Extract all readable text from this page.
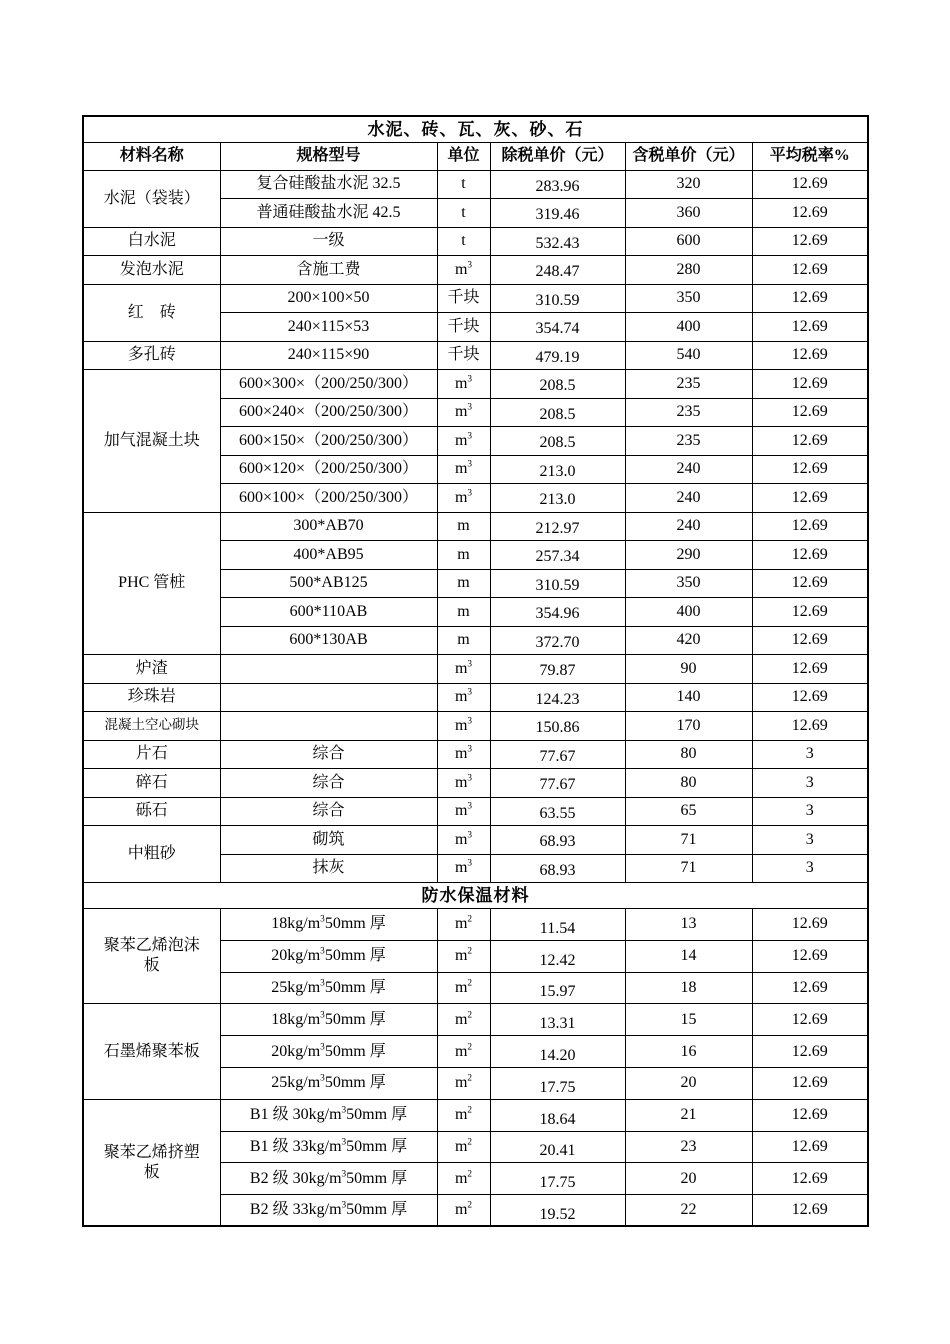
水泥、砖、瓦、灰、砂、石					
材料名称	规格型号	单位	除税单价（元）	含税单价（元）	平均税率%
水泥（袋装）	复合硅酸盐水泥 32.5	t	283.96	320	12.69
	普通硅酸盐水泥 42.5	t	319.46	360	12.69
白水泥	一级	t	532.43	600	12.69
发泡水泥	含施工费	$m^3$	248.47	280	12.69
红　砖	200×100×50	千块	310.59	350	12.69
	240×115×53	千块	354.74	400	12.69
多孔砖	240×115×90	千块	479.19	540	12.69
加气混凝土块	600×300×（200/250/300）	$m^3$	208.5	235	12.69
	600×240×（200/250/300）	$m^3$	208.5	235	12.69
	600×150×（200/250/300）	$m^3$	208.5	235	12.69
	600×120×（200/250/300）	$m^3$	213.0	240	12.69
	600×100×（200/250/300）	$m^3$	213.0	240	12.69
PHC 管桩	300*AB70	m	212.97	240	12.69
	400*AB95	m	257.34	290	12.69
	500*AB125	m	310.59	350	12.69
	600*110AB	m	354.96	400	12.69
	600*130AB	m	372.70	420	12.69
炉渣		$m^3$	79.87	90	12.69
珍珠岩		$m^3$	124.23	140	12.69
混凝土空心砌块		$m^3$	150.86	170	12.69
片石	综合	$m^3$	77.67	80	3
碎石	综合	$m^3$	77.67	80	3
砾石	综合	$m^3$	63.55	65	3
中粗砂	砌筑	$m^3$	68.93	71	3
	抹灰	$m^3$	68.93	71	3
防水保温材料					
聚苯乙烯泡沫板	$18kg/m^350mm$ 厚	$m^2$	11.54	13	12.69
	$20kg/m^350mm$ 厚	$m^2$	12.42	14	12.69
	$25kg/m^350mm$ 厚	$m^2$	15.97	18	12.69
石墨烯聚苯板	$18kg/m^350mm$ 厚	$m^2$	13.31	15	12.69
	$20kg/m^350mm$ 厚	$m^2$	14.20	16	12.69
	$25kg/m^350mm$ 厚	$m^2$	17.75	20	12.69
聚苯乙烯挤塑板	B1 级 $30kg/m^350mm$ 厚	$m^2$	18.64	21	12.69
	B1 级 $33kg/m^350mm$ 厚	$m^2$	20.41	23	12.69
	B2 级 $30kg/m^350mm$ 厚	$m^2$	17.75	20	12.69
	B2 级 $33kg/m^350mm$ 厚	$m^2$	19.52	22	12.69
